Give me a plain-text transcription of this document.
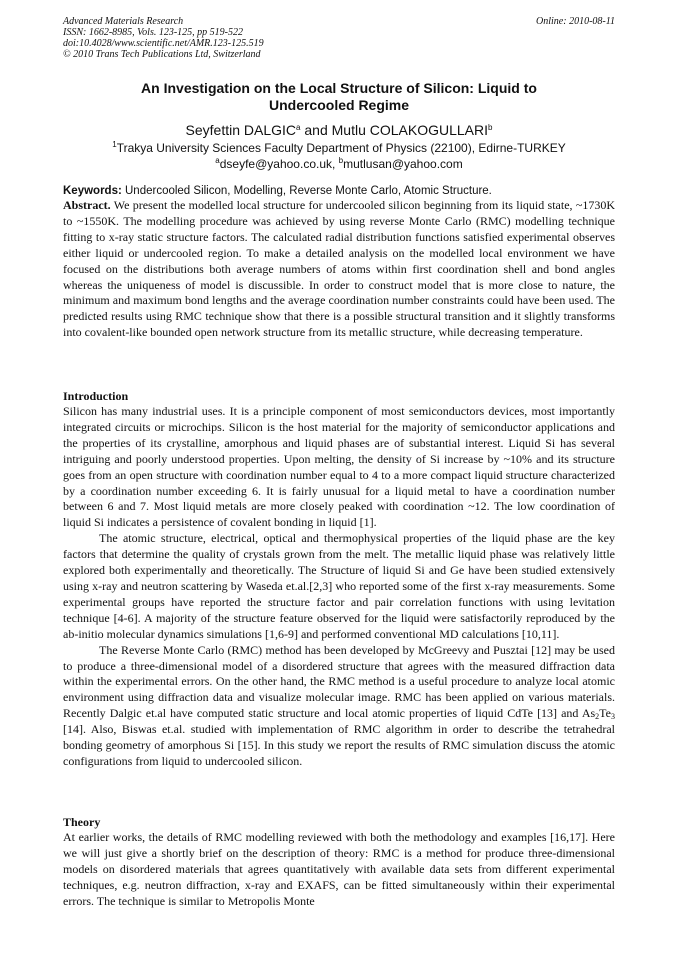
Advanced Materials Research
ISSN: 1662-8985, Vols. 123-125, pp 519-522
doi:10.4028/www.scientific.net/AMR.123-125.519
© 2010 Trans Tech Publications Ltd, Switzerland
Online: 2010-08-11
An Investigation on the Local Structure of Silicon: Liquid to
Undercooled Regime
Seyfettin DALGIC$^a$ and Mutlu COLAKOGULLARI$^b$
$^1$Trakya University Sciences Faculty Department of Physics (22100), Edirne-TURKEY
$^a$dseyfe@yahoo.co.uk, $^b$mutlusan@yahoo.com
Keywords: Undercooled Silicon, Modelling, Reverse Monte Carlo, Atomic Structure.

Abstract. We present the modelled local structure for undercooled silicon beginning from its liquid state, ~1730K to ~1550K. The modelling procedure was achieved by using reverse Monte Carlo (RMC) modelling technique fitting to x-ray static structure factors. The calculated radial distribution functions satisfied experimental observes either liquid or undercooled region. To make a detailed analysis on the modelled local environment we have focused on the distributions both average numbers of atoms within first coordination shell and bond angles whereas the uniqueness of model is discussible. In order to construct model that is more close to nature, the minimum and maximum bond lengths and the average coordination number constraints could have been used. The predicted results using RMC technique show that there is a possible structural transition and it slightly transforms into covalent-like bounded open network structure from its metallic structure, while decreasing temperature.

Introduction

Silicon has many industrial uses. It is a principle component of most semiconductors devices, most importantly integrated circuits or microchips. Silicon is the host material for the majority of semiconductor applications and the properties of its crystalline, amorphous and liquid phases are of substantial interest. Liquid Si has several intriguing and poorly understood properties. Upon melting, the density of Si increase by ~10% and its structure goes from an open structure with coordination number equal to 4 to a more compact liquid structure characterized by a coordination number exceeding 6. It is fairly unusual for a liquid metal to have a coordination number between 6 and 7. Most liquid metals are more closely peaked with coordination ~12. The low coordination of liquid Si indicates a persistence of covalent bonding in liquid [1].

The atomic structure, electrical, optical and thermophysical properties of the liquid phase are the key factors that determine the quality of crystals grown from the melt. The metallic liquid phase was relatively little explored both experimentally and theoretically. The Structure of liquid Si and Ge have been studied extensively using x-ray and neutron scattering by Waseda et.al.[2,3] who reported some of the first x-ray measurements. Some experimental groups have reported the structure factor and pair correlation functions with using levitation technique [4-6]. A majority of the structure feature observed for the liquid were satisfactorily reproduced by the ab-initio molecular dynamics simulations [1,6-9] and performed conventional MD calculations [10,11].

The Reverse Monte Carlo (RMC) method has been developed by McGreevy and Pusztai [12] may be used to produce a three-dimensional model of a disordered structure that agrees with the measured diffraction data within the experimental errors. On the other hand, the RMC method is a useful procedure to analyze local atomic environment using diffraction data and visualize molecular image. RMC has been applied on various materials. Recently Dalgic et.al have computed static structure and local atomic properties of liquid CdTe [13] and $As_2Te_3$ [14]. Also, Biswas et.al. studied with implementation of RMC algorithm in order to describe the tetrahedral bonding geometry of amorphous Si [15]. In this study we report the results of RMC simulation discuss the atomic configurations from liquid to undercooled silicon.

Theory

At earlier works, the details of RMC modelling reviewed with both the methodology and examples [16,17]. Here we will just give a shortly brief on the description of theory: RMC is a method for produce three-dimensional models on disordered materials that agrees quantitatively with available data sets from different experimental techniques, e.g. neutron diffraction, x-ray and EXAFS, can be fitted simultaneously within their experimental errors. The technique is similar to Metropolis Monte
